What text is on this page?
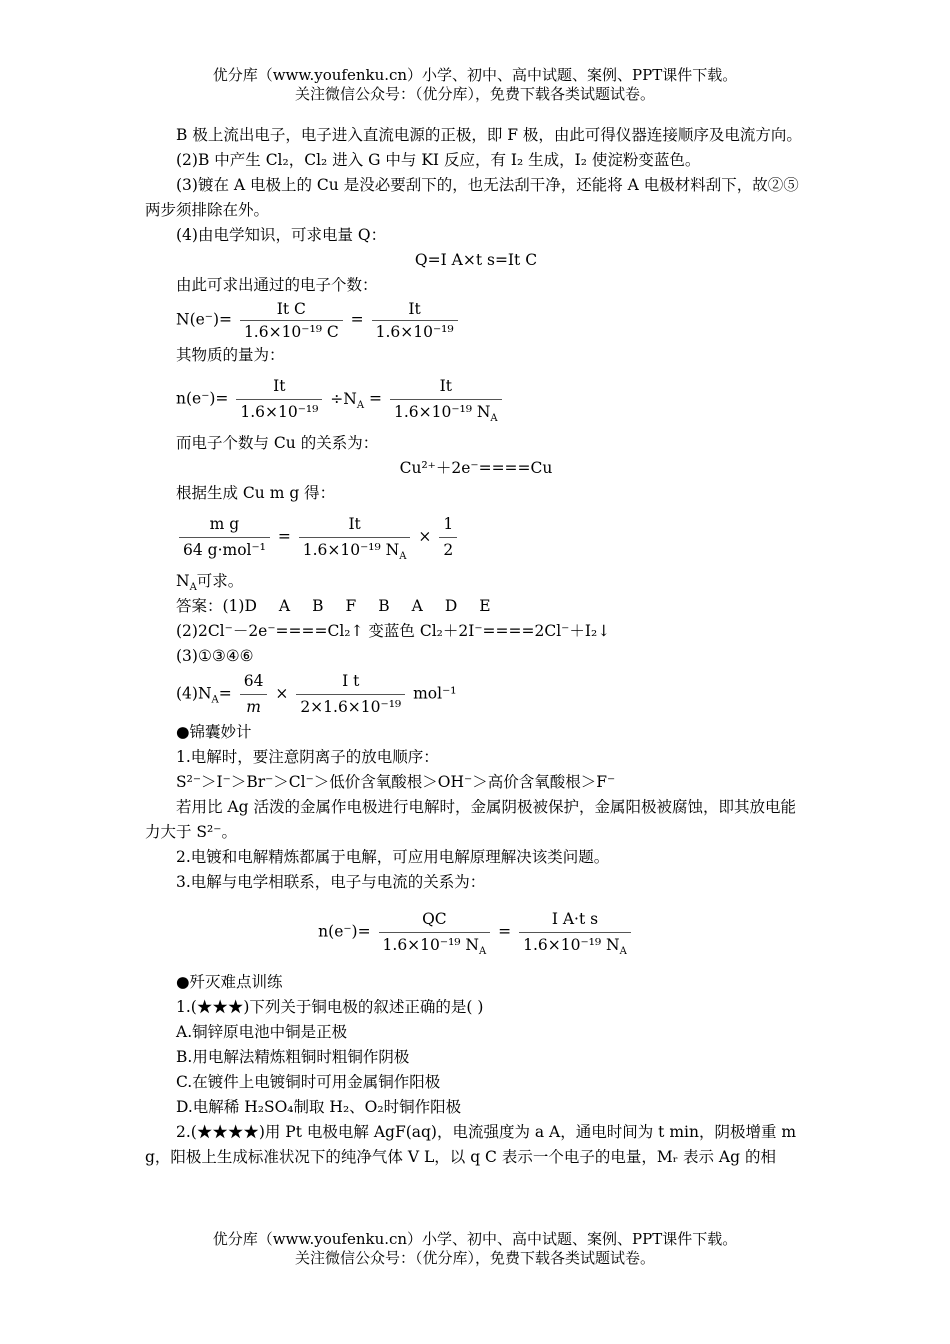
优分库（www.youfenku.cn）小学、初中、高中试题、案例、PPT课件下载。
关注微信公众号：（优分库），免费下载各类试题试卷。

B 极上流出电子，电子进入直流电源的正极，即 F 极，由此可得仪器连接顺序及电流方向。

(2)B 中产生 Cl₂，Cl₂ 进入 G 中与 KI 反应，有 I₂ 生成，I₂ 使淀粉变蓝色。

(3)镀在 A 电极上的 Cu 是没必要刮下的，也无法刮干净，还能将 A 电极材料刮下，故②⑤两步须排除在外。

(4)由电学知识，可求电量 Q：

Q=I A×t s=It C

由此可求出通过的电子个数：

$N(e^-)= \frac{\text{It C}}{\text{1.6×10⁻¹⁹ C}} = \frac{It}{\text{1.6×10⁻¹⁹}}$

其物质的量为：

$n(e^-)= \frac{It}{\text{1.6×10⁻¹⁹}} \div N_A = \frac{It}{1.6\times 10^{-19} N_A}$

而电子个数与 Cu 的关系为：

Cu²⁺＋2e⁻====Cu

根据生成 Cu m g 得：

$\frac{\text{m g}}{\text{64 g·mol⁻¹}} = \frac{It}{1.6\times 10^{-19} N_A} \times \frac{1}{2}$

$N_A$可求。

答案：(1)D A B F B A D E

(2)2Cl⁻－2e⁻====Cl₂↑ 变蓝色 Cl₂＋2I⁻====2Cl⁻＋I₂↓

(3)①③④⑥

$(4)N_A= \frac{64}{m} \times \frac{\text{I t}}{\text{2×1.6×10⁻¹⁹}} mol^{-1}$

●锦囊妙计

1.电解时，要注意阴离子的放电顺序：

S²⁻＞I⁻＞Br⁻＞Cl⁻＞低价含氧酸根＞OH⁻＞高价含氧酸根＞F⁻

若用比 Ag 活泼的金属作电极进行电解时，金属阴极被保护，金属阳极被腐蚀，即其放电能力大于 S²⁻。

2.电镀和电解精炼都属于电解，可应用电解原理解决该类问题。

3.电解与电学相联系，电子与电流的关系为：

$n(e^-)= \frac{QC}{1.6\times 10^{-19} N_A} = \frac{\text{I A·t s}}{1.6\times 10^{-19} N_A}$

●歼灭难点训练

1.(★★★)下列关于铜电极的叙述正确的是( )

A.铜锌原电池中铜是正极

B.用电解法精炼粗铜时粗铜作阴极

C.在镀件上电镀铜时可用金属铜作阳极

D.电解稀 H₂SO₄制取 H₂、O₂时铜作阳极

2.(★★★★)用 Pt 电极电解 AgF(aq)，电流强度为 a A，通电时间为 t min，阴极增重 m g，阳极上生成标准状况下的纯净气体 V L，以 q C 表示一个电子的电量，Mᵣ 表示 Ag 的相

优分库（www.youfenku.cn）小学、初中、高中试题、案例、PPT课件下载。
关注微信公众号：（优分库），免费下载各类试题试卷。
